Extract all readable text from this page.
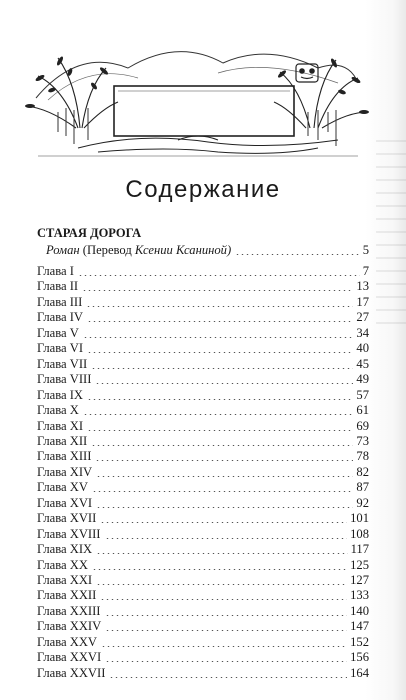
Содержание
СТАРАЯ ДОРОГА
Роман (Перевод Ксении Ксаниной)	5
Глава I	7
Глава II	13
Глава III	17
Глава IV	27
Глава V	34
Глава VI	40
Глава VII	45
Глава VIII	49
Глава IX	57
Глава X	61
Глава XI	69
Глава XII	73
Глава XIII	78
Глава XIV	82
Глава XV	87
Глава XVI	92
Глава XVII	101
Глава XVIII	108
Глава XIX	117
Глава XX	125
Глава XXI	127
Глава XXII	133
Глава XXIII	140
Глава XXIV	147
Глава XXV	152
Глава XXVI	156
Глава XXVII	164
